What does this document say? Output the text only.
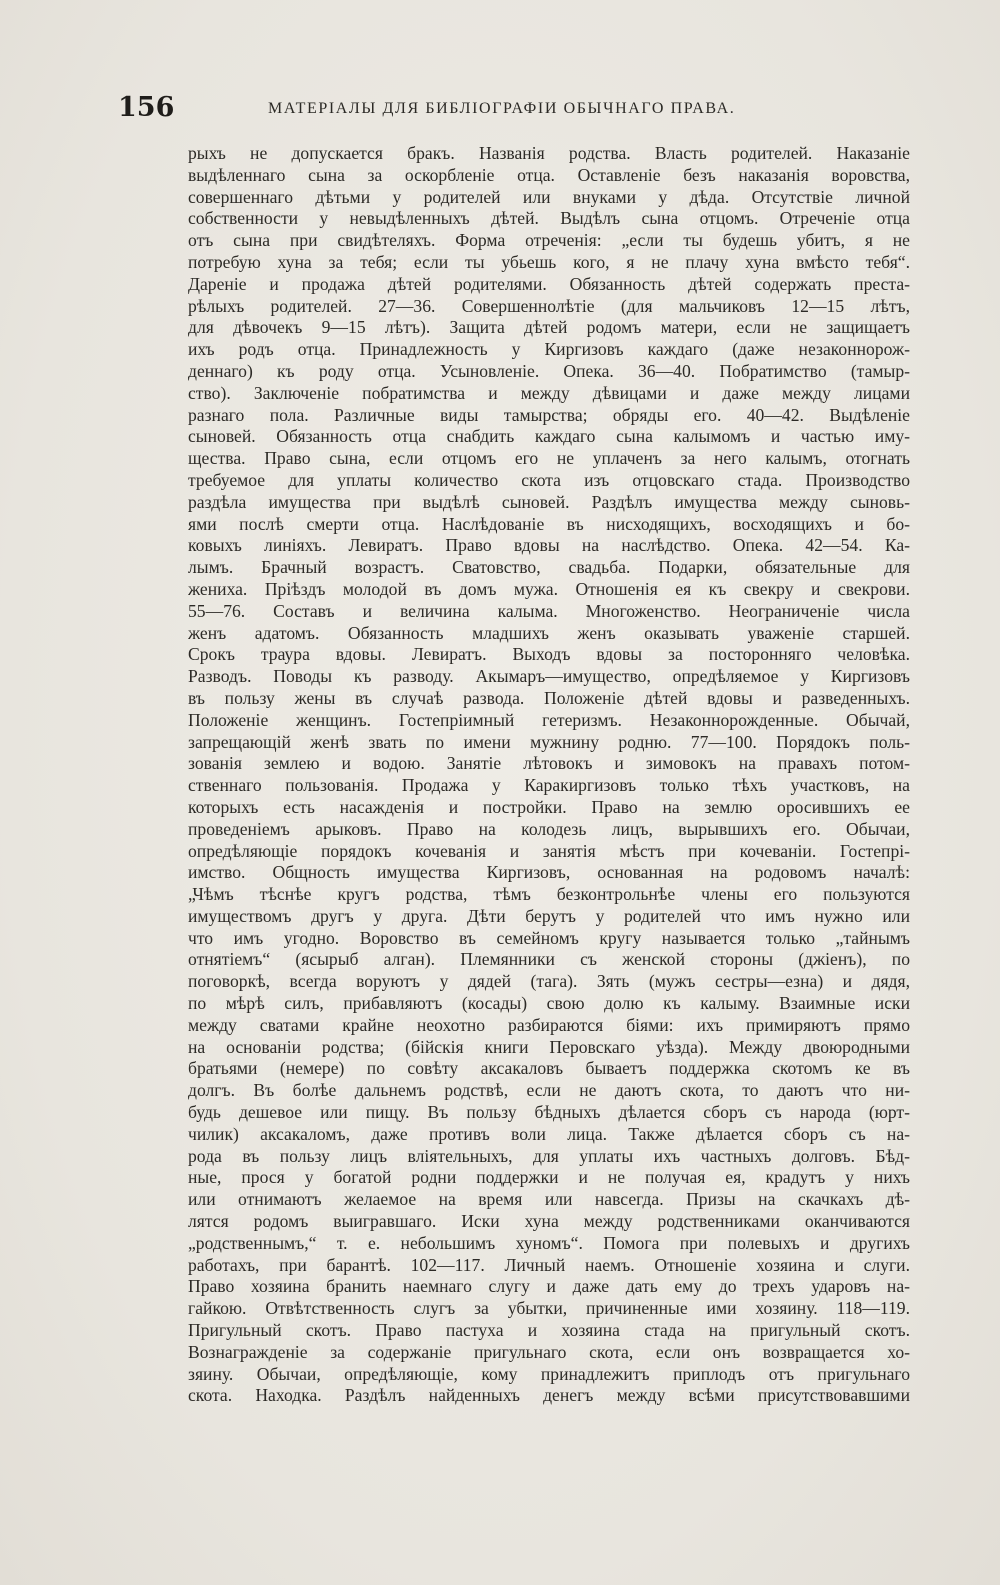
156	МАТЕРІАЛЫ ДЛЯ БИБЛІОГРАФІИ ОБЫЧНАГО ПРАВА.
рыхъ не допускается бракъ. Названія родства. Власть родителей. Наказаніе
выдѣленнаго сына за оскорбленіе отца. Оставленіе безъ наказанія воровства,
совершеннаго дѣтьми у родителей или внуками у дѣда. Отсутствіе личной
собственности у невыдѣленныхъ дѣтей. Выдѣлъ сына отцомъ. Отреченіе отца
отъ сына при свидѣтеляхъ. Форма отреченія: „если ты будешь убитъ, я не
потребую хуна за тебя; если ты убьешь кого, я не плачу хуна вмѣсто тебя“.
Дареніе и продажа дѣтей родителями. Обязанность дѣтей содержать преста-
рѣлыхъ родителей. 27—36. Совершеннолѣтіе (для мальчиковъ 12—15 лѣтъ,
для дѣвочекъ 9—15 лѣтъ). Защита дѣтей родомъ матери, если не защищаетъ
ихъ родъ отца. Принадлежность у Киргизовъ каждаго (даже незаконнорож-
деннаго) къ роду отца. Усыновленіе. Опека. 36—40. Побратимство (тамыр-
ство). Заключеніе побратимства и между дѣвицами и даже между лицами
разнаго пола. Различные виды тамырства; обряды его. 40—42. Выдѣленіе
сыновей. Обязанность отца снабдить каждаго сына калымомъ и частью иму-
щества. Право сына, если отцомъ его не уплаченъ за него калымъ, отогнать
требуемое для уплаты количество скота изъ отцовскаго стада. Производство
раздѣла имущества при выдѣлѣ сыновей. Раздѣлъ имущества между сыновь-
ями послѣ смерти отца. Наслѣдованіе въ нисходящихъ, восходящихъ и бо-
ковыхъ линіяхъ. Левиратъ. Право вдовы на наслѣдство. Опека. 42—54. Ка-
лымъ. Брачный возрастъ. Сватовство, свадьба. Подарки, обязательные для
жениха. Пріѣздъ молодой въ домъ мужа. Отношенія ея къ свекру и свекрови.
55—76. Составъ и величина калыма. Многоженство. Неограниченіе числа
женъ адатомъ. Обязанность младшихъ женъ оказывать уваженіе старшей.
Срокъ траура вдовы. Левиратъ. Выходъ вдовы за посторонняго человѣка.
Разводъ. Поводы къ разводу. Акымаръ—имущество, опредѣляемое у Киргизовъ
въ пользу жены въ случаѣ развода. Положеніе дѣтей вдовы и разведенныхъ.
Положеніе женщинъ. Гостепріимный гетеризмъ. Незаконнорожденные. Обычай,
запрещающій женѣ звать по имени мужнину родню. 77—100. Порядокъ поль-
зованія землею и водою. Занятіе лѣтовокъ и зимовокъ на правахъ потом-
ственнаго пользованія. Продажа у Каракиргизовъ только тѣхъ участковъ, на
которыхъ есть насажденія и постройки. Право на землю оросившихъ ее
проведеніемъ арыковъ. Право на колодезь лицъ, вырывшихъ его. Обычаи,
опредѣляющіе порядокъ кочеванія и занятія мѣстъ при кочеваніи. Гостепрі-
имство. Общность имущества Киргизовъ, основанная на родовомъ началѣ:
„Чѣмъ тѣснѣе кругъ родства, тѣмъ безконтрольнѣе члены его пользуются
имуществомъ другъ у друга. Дѣти берутъ у родителей что имъ нужно или
что имъ угодно. Воровство въ семейномъ кругу называется только „тайнымъ
отнятіемъ“ (ясырыб алган). Племянники съ женской стороны (джіенъ), по
поговоркѣ, всегда воруютъ у дядей (тага). Зять (мужъ сестры—езна) и дядя,
по мѣрѣ силъ, прибавляютъ (косады) свою долю къ калыму. Взаимные иски
между сватами крайне неохотно разбираются біями: ихъ примиряютъ прямо
на основаніи родства; (бійскія книги Перовскаго уѣзда). Между двоюродными
братьями (немере) по совѣту аксакаловъ бываетъ поддержка скотомъ ке въ
долгъ. Въ болѣе дальнемъ родствѣ, если не даютъ скота, то даютъ что ни-
будь дешевое или пищу. Въ пользу бѣдныхъ дѣлается сборъ съ народа (юрт-
чилик) аксакаломъ, даже противъ воли лица. Также дѣлается сборъ съ на-
рода въ пользу лицъ вліятельныхъ, для уплаты ихъ частныхъ долговъ. Бѣд-
ные, прося у богатой родни поддержки и не получая ея, крадутъ у нихъ
или отнимаютъ желаемое на время или навсегда. Призы на скачкахъ дѣ-
лятся родомъ выигравшаго. Иски хуна между родственниками оканчиваются
„родственнымъ,“ т. е. небольшимъ хуномъ“. Помога при полевыхъ и другихъ
работахъ, при барантѣ. 102—117. Личный наемъ. Отношеніе хозяина и слуги.
Право хозяина бранить наемнаго слугу и даже дать ему до трехъ ударовъ на-
гайкою. Отвѣтственность слугъ за убытки, причиненные ими хозяину. 118—119.
Пригульный скотъ. Право пастуха и хозяина стада на пригульный скотъ.
Вознагражденіе за содержаніе пригульнаго скота, если онъ возвращается хо-
зяину. Обычаи, опредѣляющіе, кому принадлежитъ приплодъ отъ пригульнаго
скота. Находка. Раздѣлъ найденныхъ денегъ между всѣми присутствовавшими
